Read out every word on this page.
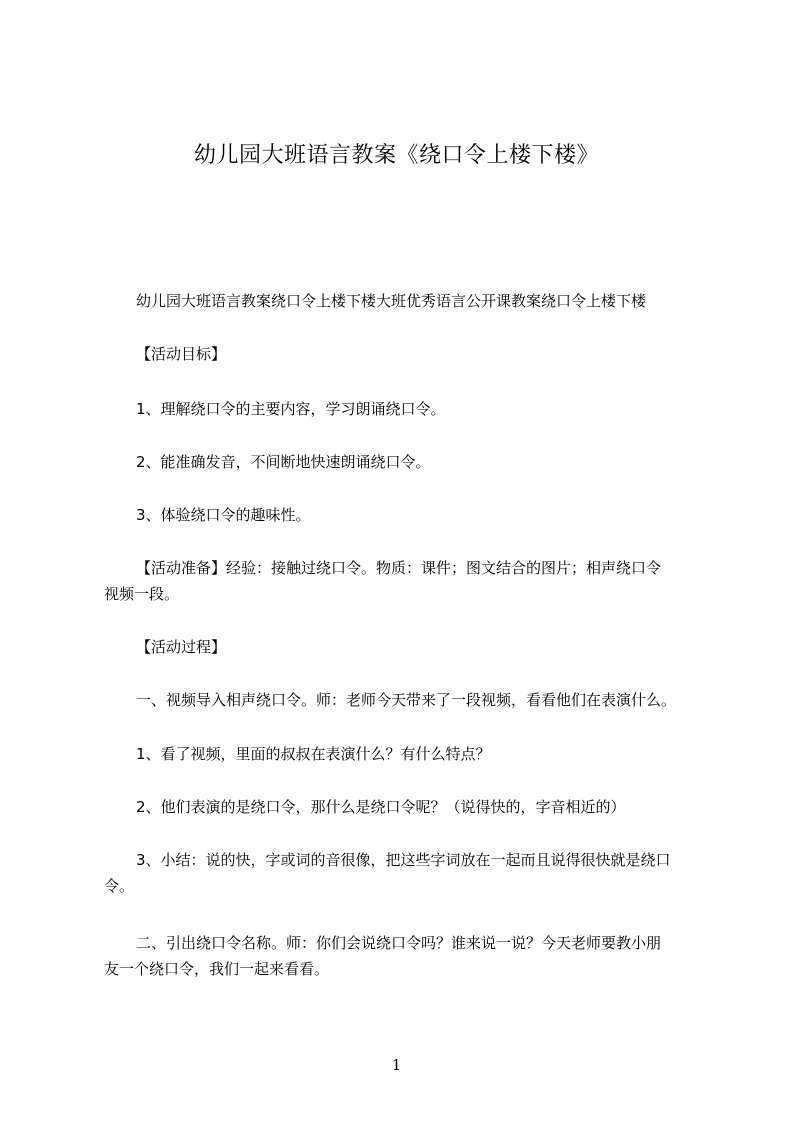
幼儿园大班语言教案《绕口令上楼下楼》
幼儿园大班语言教案绕口令上楼下楼大班优秀语言公开课教案绕口令上楼下楼
【活动目标】
1、理解绕口令的主要内容，学习朗诵绕口令。
2、能准确发音，不间断地快速朗诵绕口令。
3、体验绕口令的趣味性。
【活动准备】经验：接触过绕口令。物质：课件；图文结合的图片；相声绕口令
视频一段。
【活动过程】
一、视频导入相声绕口令。师：老师今天带来了一段视频，看看他们在表演什么。
1、看了视频，里面的叔叔在表演什么？有什么特点？
2、他们表演的是绕口令，那什么是绕口令呢？（说得快的，字音相近的）
3、小结：说的快，字或词的音很像，把这些字词放在一起而且说得很快就是绕口
令。
二、引出绕口令名称。师：你们会说绕口令吗？谁来说一说？今天老师要教小朋
友一个绕口令，我们一起来看看。
1
